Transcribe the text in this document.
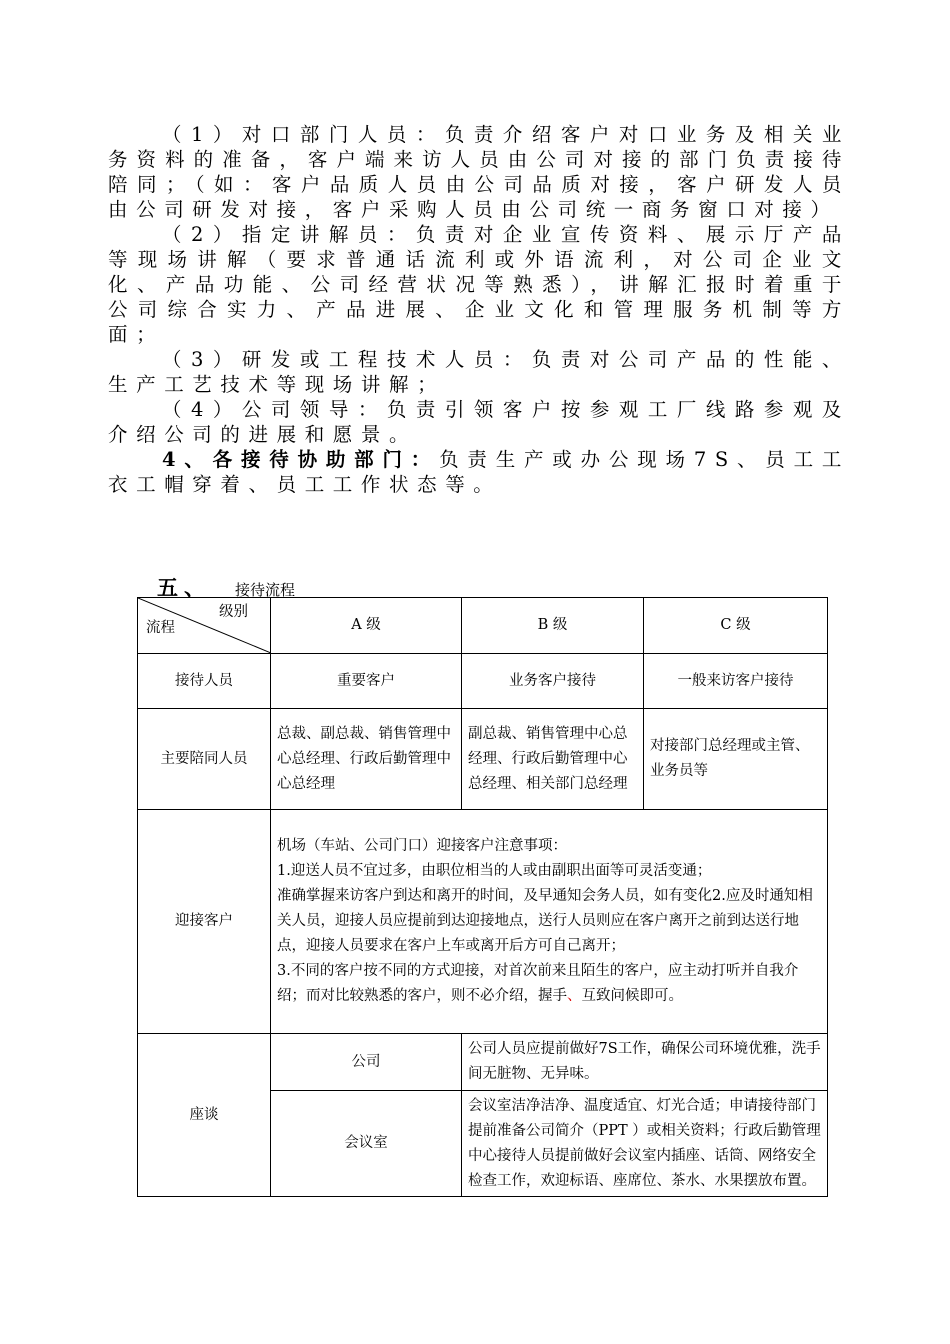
（1）对口部门人员：负责介绍客户对口业务及相关业务资料的准备，客户端来访人员由公司对接的部门负责接待陪同；（如：客户品质人员由公司品质对接，客户研发人员由公司研发对接，客户采购人员由公司统一商务窗口对接）

（2）指定讲解员：负责对企业宣传资料、展示厅产品等现场讲解（要求普通话流利或外语流利，对公司企业文化、产品功能、公司经营状况等熟悉），讲解汇报时着重于公司综合实力、产品进展、企业文化和管理服务机制等方面；

（3）研发或工程技术人员：负责对公司产品的性能、生产工艺技术等现场讲解；

（4）公司领导：负责引领客户按参观工厂线路参观及介绍公司的进展和愿景。

4、各接待协助部门：负责生产或办公现场7S、员工工衣工帽穿着、员工工作状态等。

五、 接待流程
级别
流程	A 级	B 级	C 级
接待人员	重要客户	业务客户接待	一般来访客户接待
主要陪同人员	总裁、副总裁、销售管理中心总经理、行政后勤管理中心总经理	副总裁、销售管理中心总经理、行政后勤管理中心总经理、相关部门总经理	对接部门总经理或主管、业务员等
迎接客户	机场（车站、公司门口）迎接客户注意事项：
1.迎送人员不宜过多，由职位相当的人或由副职出面等可灵活变通；
准确掌握来访客户到达和离开的时间，及早通知会务人员，如有变化2.应及时通知相关人员，迎接人员应提前到达迎接地点，送行人员则应在客户离开之前到达送行地点，迎接人员要求在客户上车或离开后方可自己离开；
3.不同的客户按不同的方式迎接，对首次前来且陌生的客户，应主动打听并自我介绍；而对比较熟悉的客户，则不必介绍，握手、互致问候即可。		

座谈	公司	公司人员应提前做好7S工作，确保公司环境优雅，洗手间无脏物、无异味。	
	会议室	会议室洁净洁净、温度适宜、灯光合适；申请接待部门提前准备公司简介（PPT ）或相关资料；行政后勤管理中心接待人员提前做好会议室内插座、话筒、网络安全检查工作，欢迎标语、座席位、茶水、水果摆放布置。	
